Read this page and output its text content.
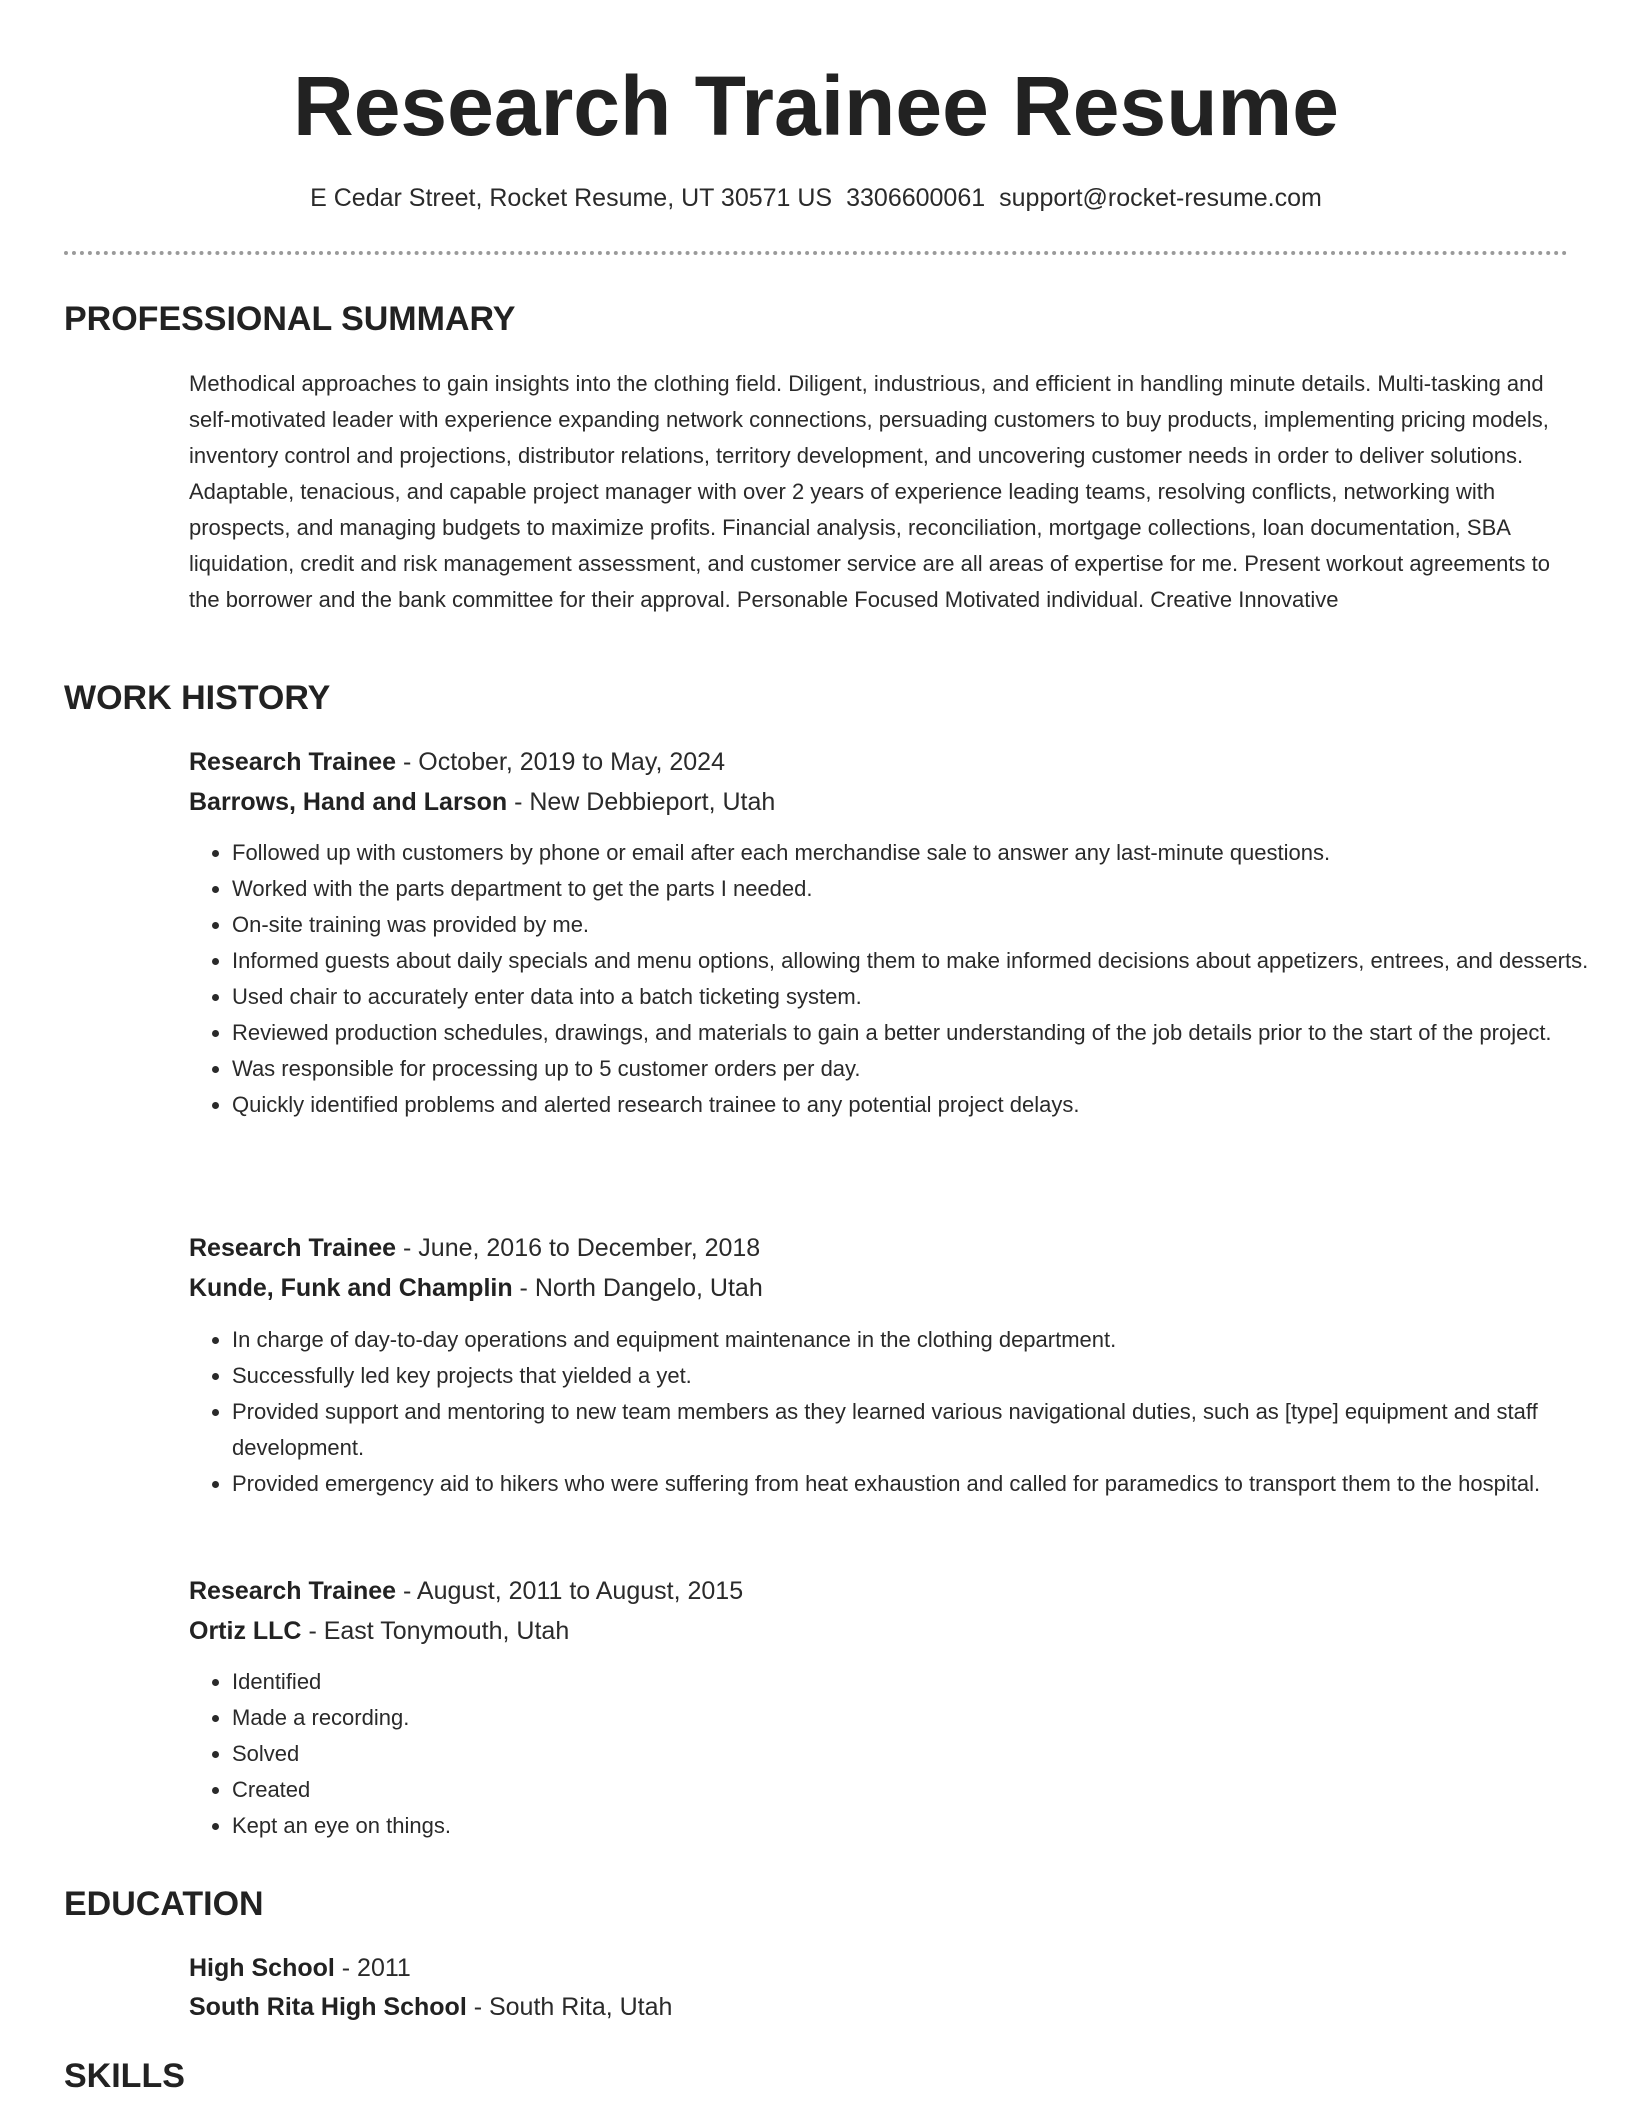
Research Trainee Resume
E Cedar Street, Rocket Resume, UT 30571 US 3306600061 support@rocket-resume.com
PROFESSIONAL SUMMARY

Methodical approaches to gain insights into the clothing field. Diligent, industrious, and efficient in handling minute details. Multi-tasking and self-motivated leader with experience expanding network connections, persuading customers to buy products, implementing pricing models, inventory control and projections, distributor relations, territory development, and uncovering customer needs in order to deliver solutions. Adaptable, tenacious, and capable project manager with over 2 years of experience leading teams, resolving conflicts, networking with prospects, and managing budgets to maximize profits. Financial analysis, reconciliation, mortgage collections, loan documentation, SBA liquidation, credit and risk management assessment, and customer service are all areas of expertise for me. Present workout agreements to the borrower and the bank committee for their approval. Personable Focused Motivated individual. Creative Innovative

WORK HISTORY
Research Trainee - October, 2019 to May, 2024
Barrows, Hand and Larson - New Debbieport, Utah
• Followed up with customers by phone or email after each merchandise sale to answer any last-minute questions.
• Worked with the parts department to get the parts I needed.
• On-site training was provided by me.
• Informed guests about daily specials and menu options, allowing them to make informed decisions about appetizers, entrees, and desserts.
• Used chair to accurately enter data into a batch ticketing system.
• Reviewed production schedules, drawings, and materials to gain a better understanding of the job details prior to the start of the project.
• Was responsible for processing up to 5 customer orders per day.
• Quickly identified problems and alerted research trainee to any potential project delays.
Research Trainee - June, 2016 to December, 2018
Kunde, Funk and Champlin - North Dangelo, Utah
• In charge of day-to-day operations and equipment maintenance in the clothing department.
• Successfully led key projects that yielded a yet.
• Provided support and mentoring to new team members as they learned various navigational duties, such as [type] equipment and staff development.
• Provided emergency aid to hikers who were suffering from heat exhaustion and called for paramedics to transport them to the hospital.
Research Trainee - August, 2011 to August, 2015
Ortiz LLC - East Tonymouth, Utah
• Identified
• Made a recording.
• Solved
• Created
• Kept an eye on things.
EDUCATION
High School - 2011
South Rita High School - South Rita, Utah
SKILLS
